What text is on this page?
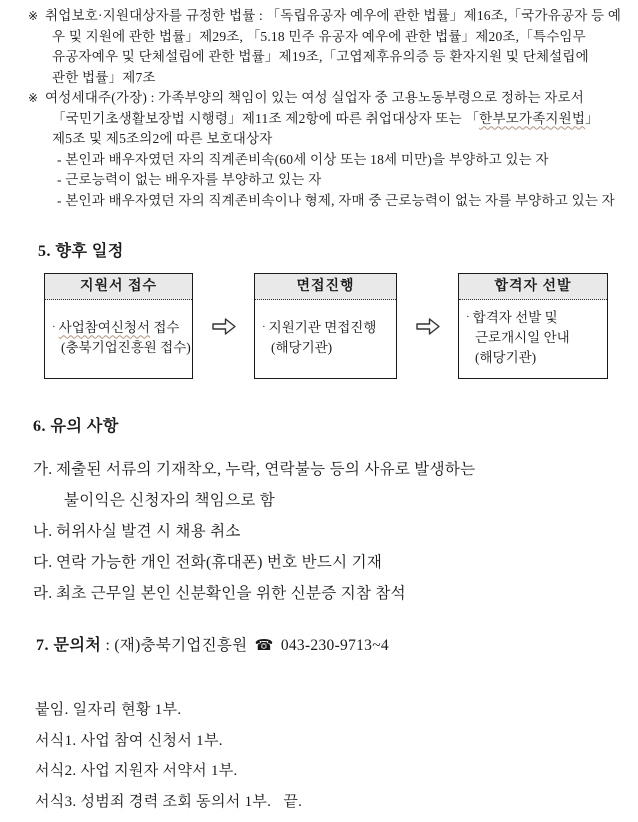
※ 취업보호·지원대상자를 규정한 법률 : 「독립유공자 예우에 관한 법률」제16조,「국가유공자 등 예
우 및 지원에 관한 법률」제29조, 「5.18 민주 유공자 예우에 관한 법률」제20조,「특수임무
유공자예우 및 단체설립에 관한 법률」제19조,「고엽제후유의증 등 환자지원 및 단체설립에
관한 법률」제7조
※ 여성세대주(가장) : 가족부양의 책임이 있는 여성 실업자 중 고용노동부령으로 정하는 자로서
「국민기초생활보장법 시행령」제11조 제2항에 따른 취업대상자 또는 「한부모가족지원법」
제5조 및 제5조의2에 따른 보호대상자
- 본인과 배우자였던 자의 직계존비속(60세 이상 또는 18세 미만)을 부양하고 있는 자
- 근로능력이 없는 배우자를 부양하고 있는 자
- 본인과 배우자였던 자의 직계존비속이나 형제, 자매 중 근로능력이 없는 자를 부양하고 있는 자
5. 향후 일정
지원서 접수
· 사업참여신청서 접수
(충북기업진흥원 접수)
면접진행
· 지원기관 면접진행
(해당기관)
합격자 선발
· 합격자 선발 및
근로개시일 안내
(해당기관)
6. 유의 사항
가. 제출된 서류의 기재착오, 누락, 연락불능 등의 사유로 발생하는
불이익은 신청자의 책임으로 함
나. 허위사실 발견 시 채용 취소
다. 연락 가능한 개인 전화(휴대폰) 번호 반드시 기재
라. 최초 근무일 본인 신분확인을 위한 신분증 지참 참석
7. 문의처 : (재)충북기업진흥원 ☎ 043-230-9713~4
붙임. 일자리 현황 1부.
서식1. 사업 참여 신청서 1부.
서식2. 사업 지원자 서약서 1부.
서식3. 성범죄 경력 조회 동의서 1부.   끝.
